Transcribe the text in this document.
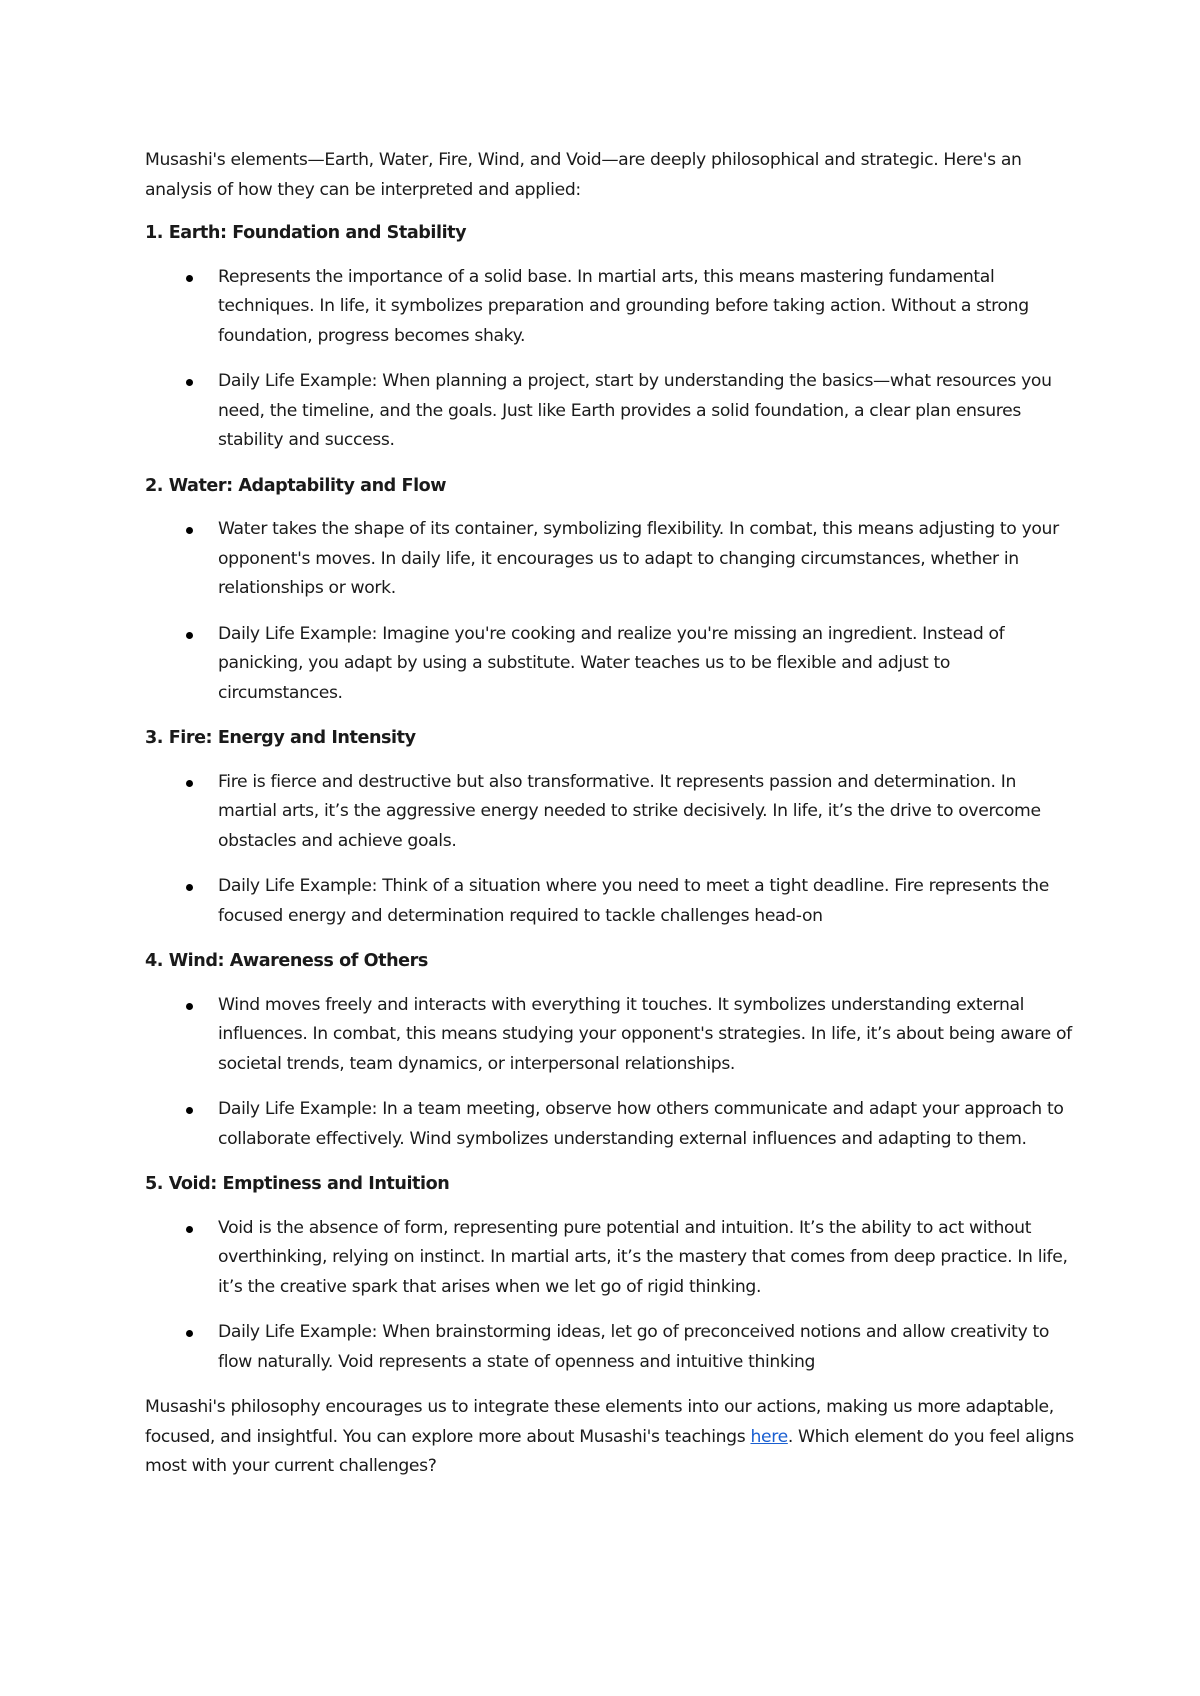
Musashi's elements—Earth, Water, Fire, Wind, and Void—are deeply philosophical and strategic. Here's an analysis of how they can be interpreted and applied:

1. Earth: Foundation and Stability
Represents the importance of a solid base. In martial arts, this means mastering fundamental techniques. In life, it symbolizes preparation and grounding before taking action. Without a strong foundation, progress becomes shaky.
Daily Life Example: When planning a project, start by understanding the basics—what resources you need, the timeline, and the goals. Just like Earth provides a solid foundation, a clear plan ensures stability and success.
2. Water: Adaptability and Flow
Water takes the shape of its container, symbolizing flexibility. In combat, this means adjusting to your opponent's moves. In daily life, it encourages us to adapt to changing circumstances, whether in relationships or work.
Daily Life Example: Imagine you're cooking and realize you're missing an ingredient. Instead of panicking, you adapt by using a substitute. Water teaches us to be flexible and adjust to circumstances.
3. Fire: Energy and Intensity
Fire is fierce and destructive but also transformative. It represents passion and determination. In martial arts, it’s the aggressive energy needed to strike decisively. In life, it’s the drive to overcome obstacles and achieve goals.
Daily Life Example: Think of a situation where you need to meet a tight deadline. Fire represents the focused energy and determination required to tackle challenges head-on
4. Wind: Awareness of Others
Wind moves freely and interacts with everything it touches. It symbolizes understanding external influences. In combat, this means studying your opponent's strategies. In life, it’s about being aware of societal trends, team dynamics, or interpersonal relationships.
Daily Life Example: In a team meeting, observe how others communicate and adapt your approach to collaborate effectively. Wind symbolizes understanding external influences and adapting to them.
5. Void: Emptiness and Intuition
Void is the absence of form, representing pure potential and intuition. It’s the ability to act without overthinking, relying on instinct. In martial arts, it’s the mastery that comes from deep practice. In life, it’s the creative spark that arises when we let go of rigid thinking.
Daily Life Example: When brainstorming ideas, let go of preconceived notions and allow creativity to flow naturally. Void represents a state of openness and intuitive thinking

Musashi's philosophy encourages us to integrate these elements into our actions, making us more adaptable, focused, and insightful. You can explore more about Musashi's teachings here. Which element do you feel aligns most with your current challenges?
